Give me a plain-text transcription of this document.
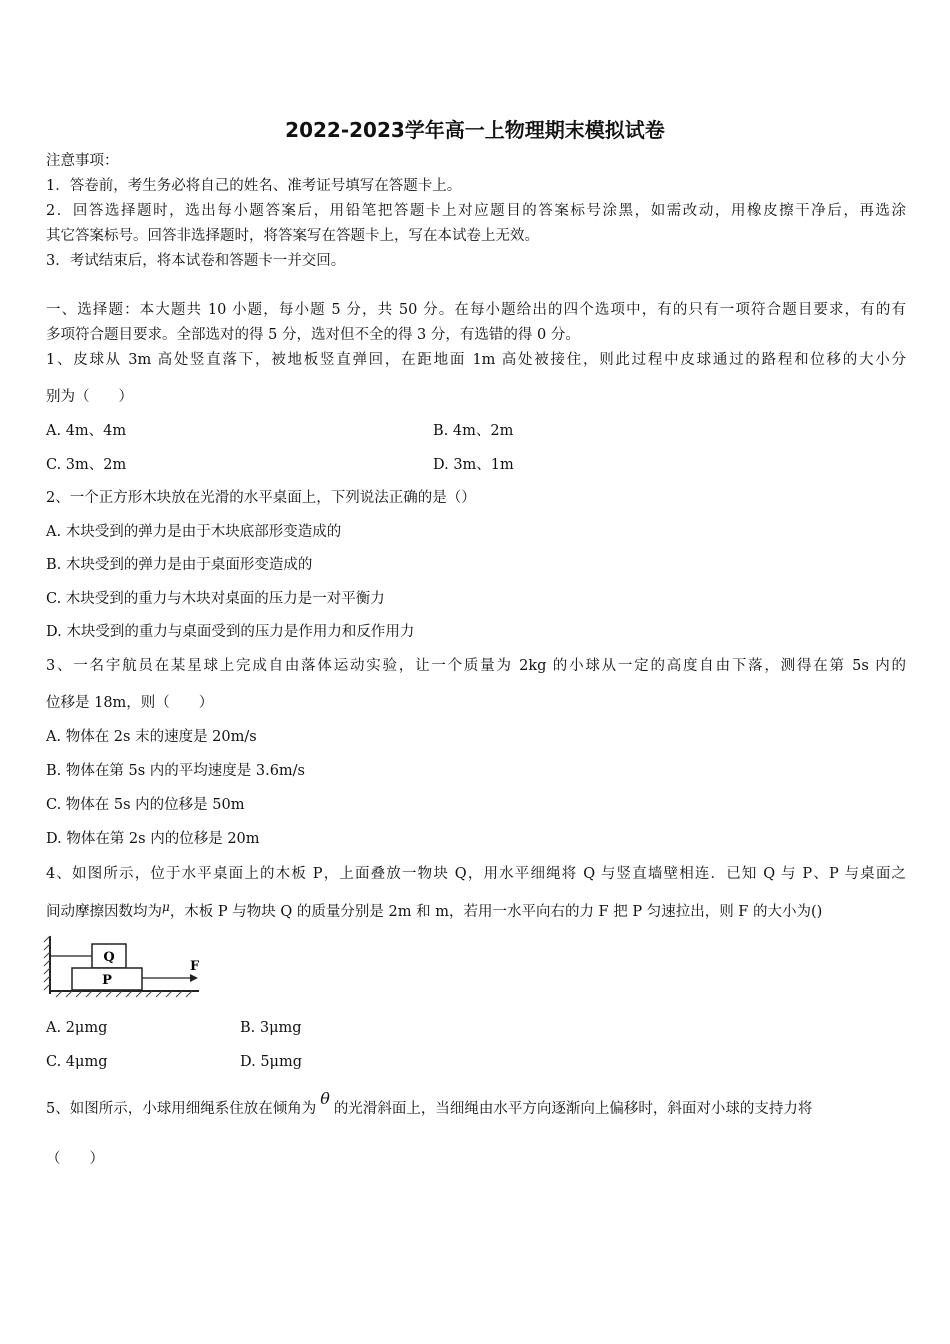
2022-2023学年高一上物理期末模拟试卷
注意事项：
1．答卷前，考生务必将自己的姓名、准考证号填写在答题卡上。
2．回答选择题时，选出每小题答案后，用铅笔把答题卡上对应题目的答案标号涂黑，如需改动，用橡皮擦干净后，再选涂
其它答案标号。回答非选择题时，将答案写在答题卡上，写在本试卷上无效。
3．考试结束后，将本试卷和答题卡一并交回。
一、选择题：本大题共 10 小题，每小题 5 分，共 50 分。在每小题给出的四个选项中，有的只有一项符合题目要求，有的有
多项符合题目要求。全部选对的得 5 分，选对但不全的得 3 分，有选错的得 0 分。
1、皮球从 3m 高处竖直落下，被地板竖直弹回，在距地面 1m 高处被接住，则此过程中皮球通过的路程和位移的大小分
别为（　　）
A. 4m、4m	B. 4m、2m
C. 3m、2m	D. 3m、1m
2、一个正方形木块放在光滑的水平桌面上，下列说法正确的是（）
A. 木块受到的弹力是由于木块底部形变造成的
B. 木块受到的弹力是由于桌面形变造成的
C. 木块受到的重力与木块对桌面的压力是一对平衡力
D. 木块受到的重力与桌面受到的压力是作用力和反作用力
3、一名宇航员在某星球上完成自由落体运动实验，让一个质量为 2kg 的小球从一定的高度自由下落，测得在第 5s 内的
位移是 18m，则（　　）
A. 物体在 2s 末的速度是 20m/s
B. 物体在第 5s 内的平均速度是 3.6m/s
C. 物体在 5s 内的位移是 50m
D. 物体在第 2s 内的位移是 20m
4、如图所示，位于水平桌面上的木板 P，上面叠放一物块 Q，用水平细绳将 Q 与竖直墙壁相连．已知 Q 与 P、P 与桌面之
间动摩擦因数均为$^\mu$，木板 P 与物块 Q 的质量分别是 2m 和 m，若用一水平向右的力 F 把 P 匀速拉出，则 F 的大小为()
Q
P
F
A. 2μmg	B. 3μmg
C. 4μmg	D. 5μmg
5、如图所示，小球用细绳系住放在倾角为θ的光滑斜面上，当细绳由水平方向逐渐向上偏移时，斜面对小球的支持力将
（　　）
